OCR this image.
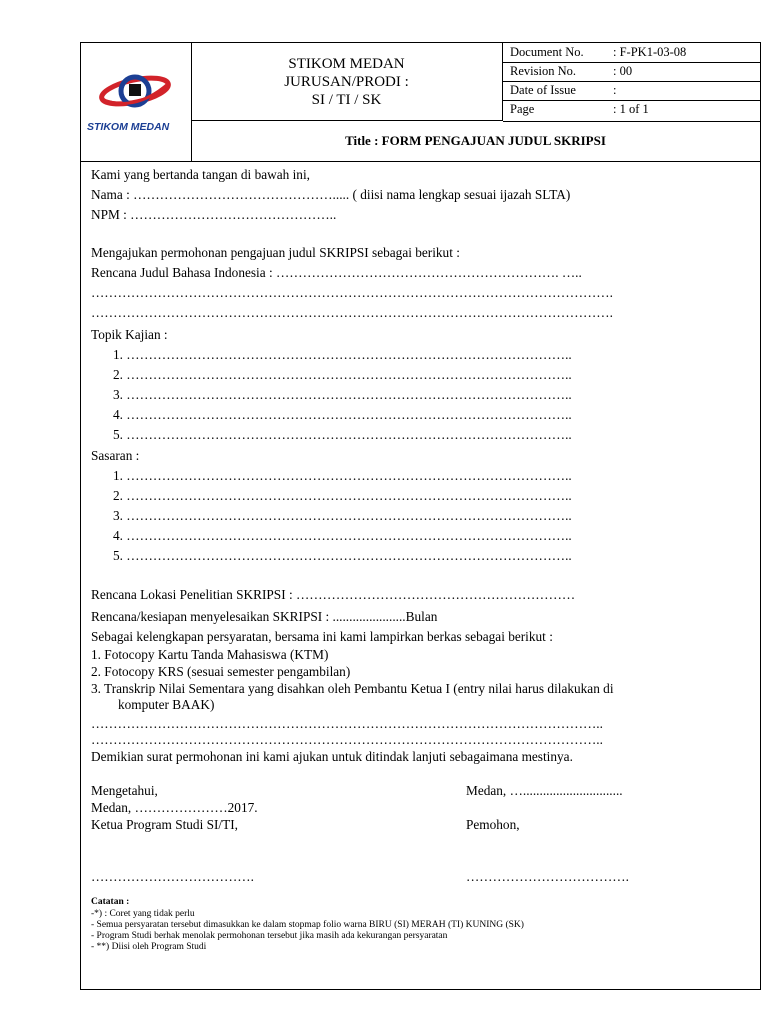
STIKOM MEDAN
STIKOM MEDAN
JURUSAN/PRODI :
SI / TI / SK
Document No. : F-PK1-03-08
Revision No.	: 00
Date of Issue	:
Page	: 1 of 1
Title : FORM PENGAJUAN JUDUL SKRIPSI
Kami yang bertanda tangan di bawah ini,
Nama : ………………………………………..... ( diisi nama lengkap sesuai ijazah SLTA)
NPM : ………………………………………..
Mengajukan permohonan pengajuan judul SKRIPSI sebagai berikut :
Rencana Judul Bahasa Indonesia : ………………………………………………………. …..
……………………………………………………………………………………………………….
……………………………………………………………………………………………………….
Topik Kajian :
1. ………………………………………………………………………………………..
2. ………………………………………………………………………………………..
3. ………………………………………………………………………………………..
4. ………………………………………………………………………………………..
5. ………………………………………………………………………………………..
Sasaran :
1. ………………………………………………………………………………………..
2. ………………………………………………………………………………………..
3. ………………………………………………………………………………………..
4. ………………………………………………………………………………………..
5. ………………………………………………………………………………………..
Rencana Lokasi Penelitian SKRIPSI : ………………………………………………………
Rencana/kesiapan menyelesaikan SKRIPSI : ......................Bulan
Sebagai kelengkapan persyaratan, bersama ini kami lampirkan berkas sebagai berikut :
1. Fotocopy Kartu Tanda Mahasiswa (KTM)
2. Fotocopy KRS (sesuai semester pengambilan)
3. Transkrip Nilai Sementara yang disahkan oleh Pembantu Ketua I (entry nilai harus dilakukan di
komputer BAAK)
……………………………………………………………………………………………………..
……………………………………………………………………………………………………..
Demikian surat permohonan ini kami ajukan untuk ditindak lanjuti sebagaimana mestinya.
Mengetahui,	Medan, …..............................
Medan, …………………2017.
Ketua Program Studi SI/TI,	Pemohon,
……………………………….	……………………………….
Catatan :
-*) : Coret yang tidak perlu
- Semua persyaratan tersebut dimasukkan ke dalam stopmap folio warna BIRU (SI) MERAH (TI) KUNING (SK)
- Program Studi berhak menolak permohonan tersebut jika masih ada kekurangan persyaratan
- **) Diisi oleh Program Studi
